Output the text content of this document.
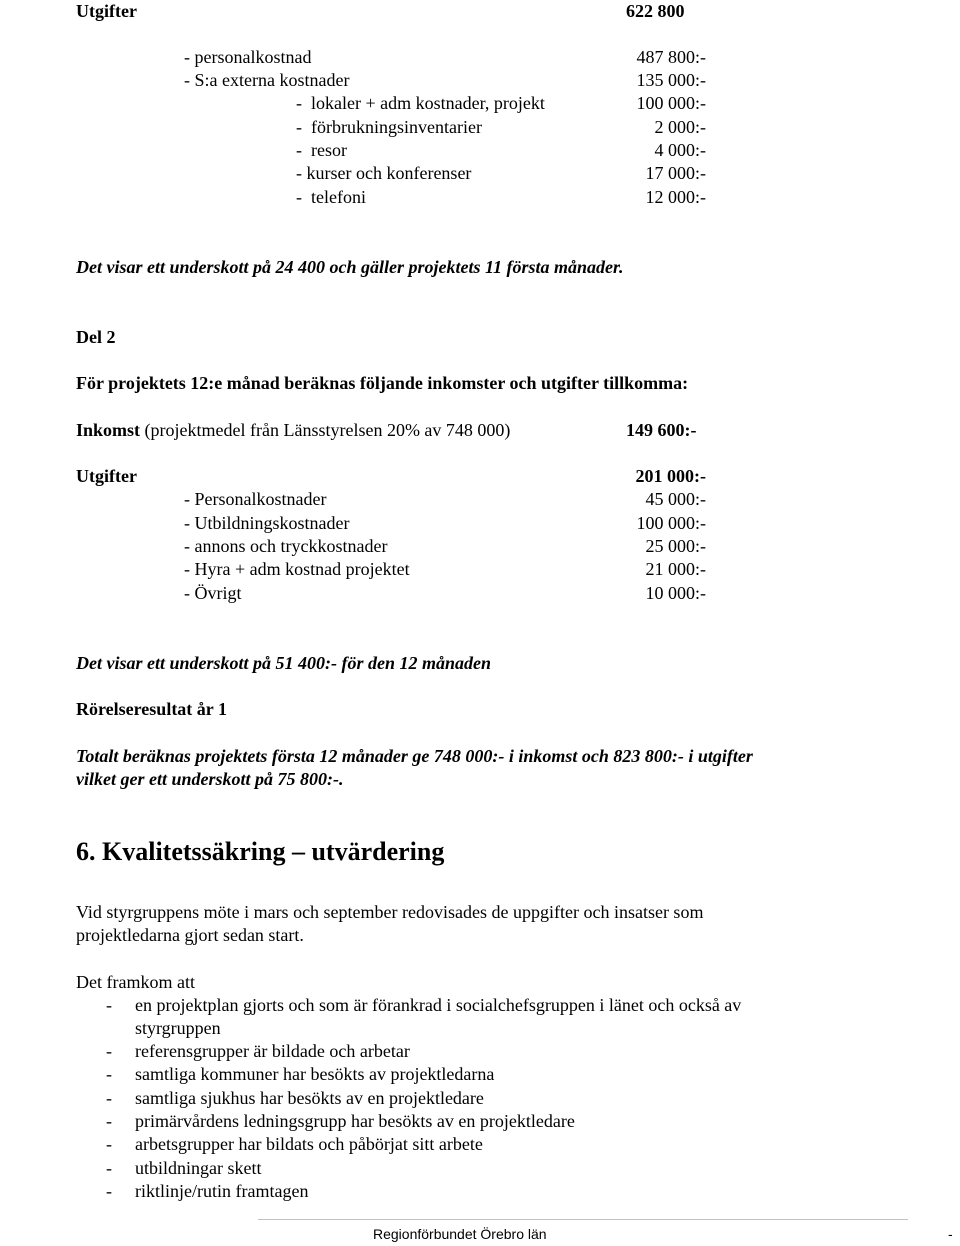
Utgifter	622 800
- personalkostnad	487 800:-
- S:a externa kostnader	135 000:-
-  lokaler + adm kostnader, projekt	100 000:-
-  förbrukningsinventarier	2 000:-
-  resor	4 000:-
- kurser och konferenser	17 000:-
-  telefoni	12 000:-
Det visar ett underskott på 24 400 och gäller projektets 11 första månader.
Del 2
För projektets 12:e månad beräknas följande inkomster och utgifter tillkomma:
Inkomst (projektmedel från Länsstyrelsen 20% av 748 000)	149 600:-
Utgifter	201 000:-
- Personalkostnader	45 000:-
- Utbildningskostnader	100 000:-
- annons och tryckkostnader	25 000:-
- Hyra + adm kostnad projektet	21 000:-
- Övrigt	10 000:-
Det visar ett underskott på 51 400:- för den 12 månaden
Rörelseresultat år 1
Totalt beräknas projektets första 12 månader ge 748 000:- i inkomst och 823 800:- i utgifter
vilket ger ett underskott på 75 800:-.
6. Kvalitetssäkring – utvärdering
Vid styrgruppens möte i mars och september redovisades de uppgifter och insatser som
projektledarna gjort sedan start.
Det framkom att
- en projektplan gjorts och som är förankrad i socialchefsgruppen i länet och också av
styrgruppen
- referensgrupper är bildade och arbetar
- samtliga kommuner har besökts av projektledarna
- samtliga sjukhus har besökts av en projektledare
- primärvårdens ledningsgrupp har besökts av en projektledare
- arbetsgrupper har bildats och påbörjat sitt arbete
- utbildningar skett
- riktlinje/rutin framtagen
Regionförbundet Örebro län	-
